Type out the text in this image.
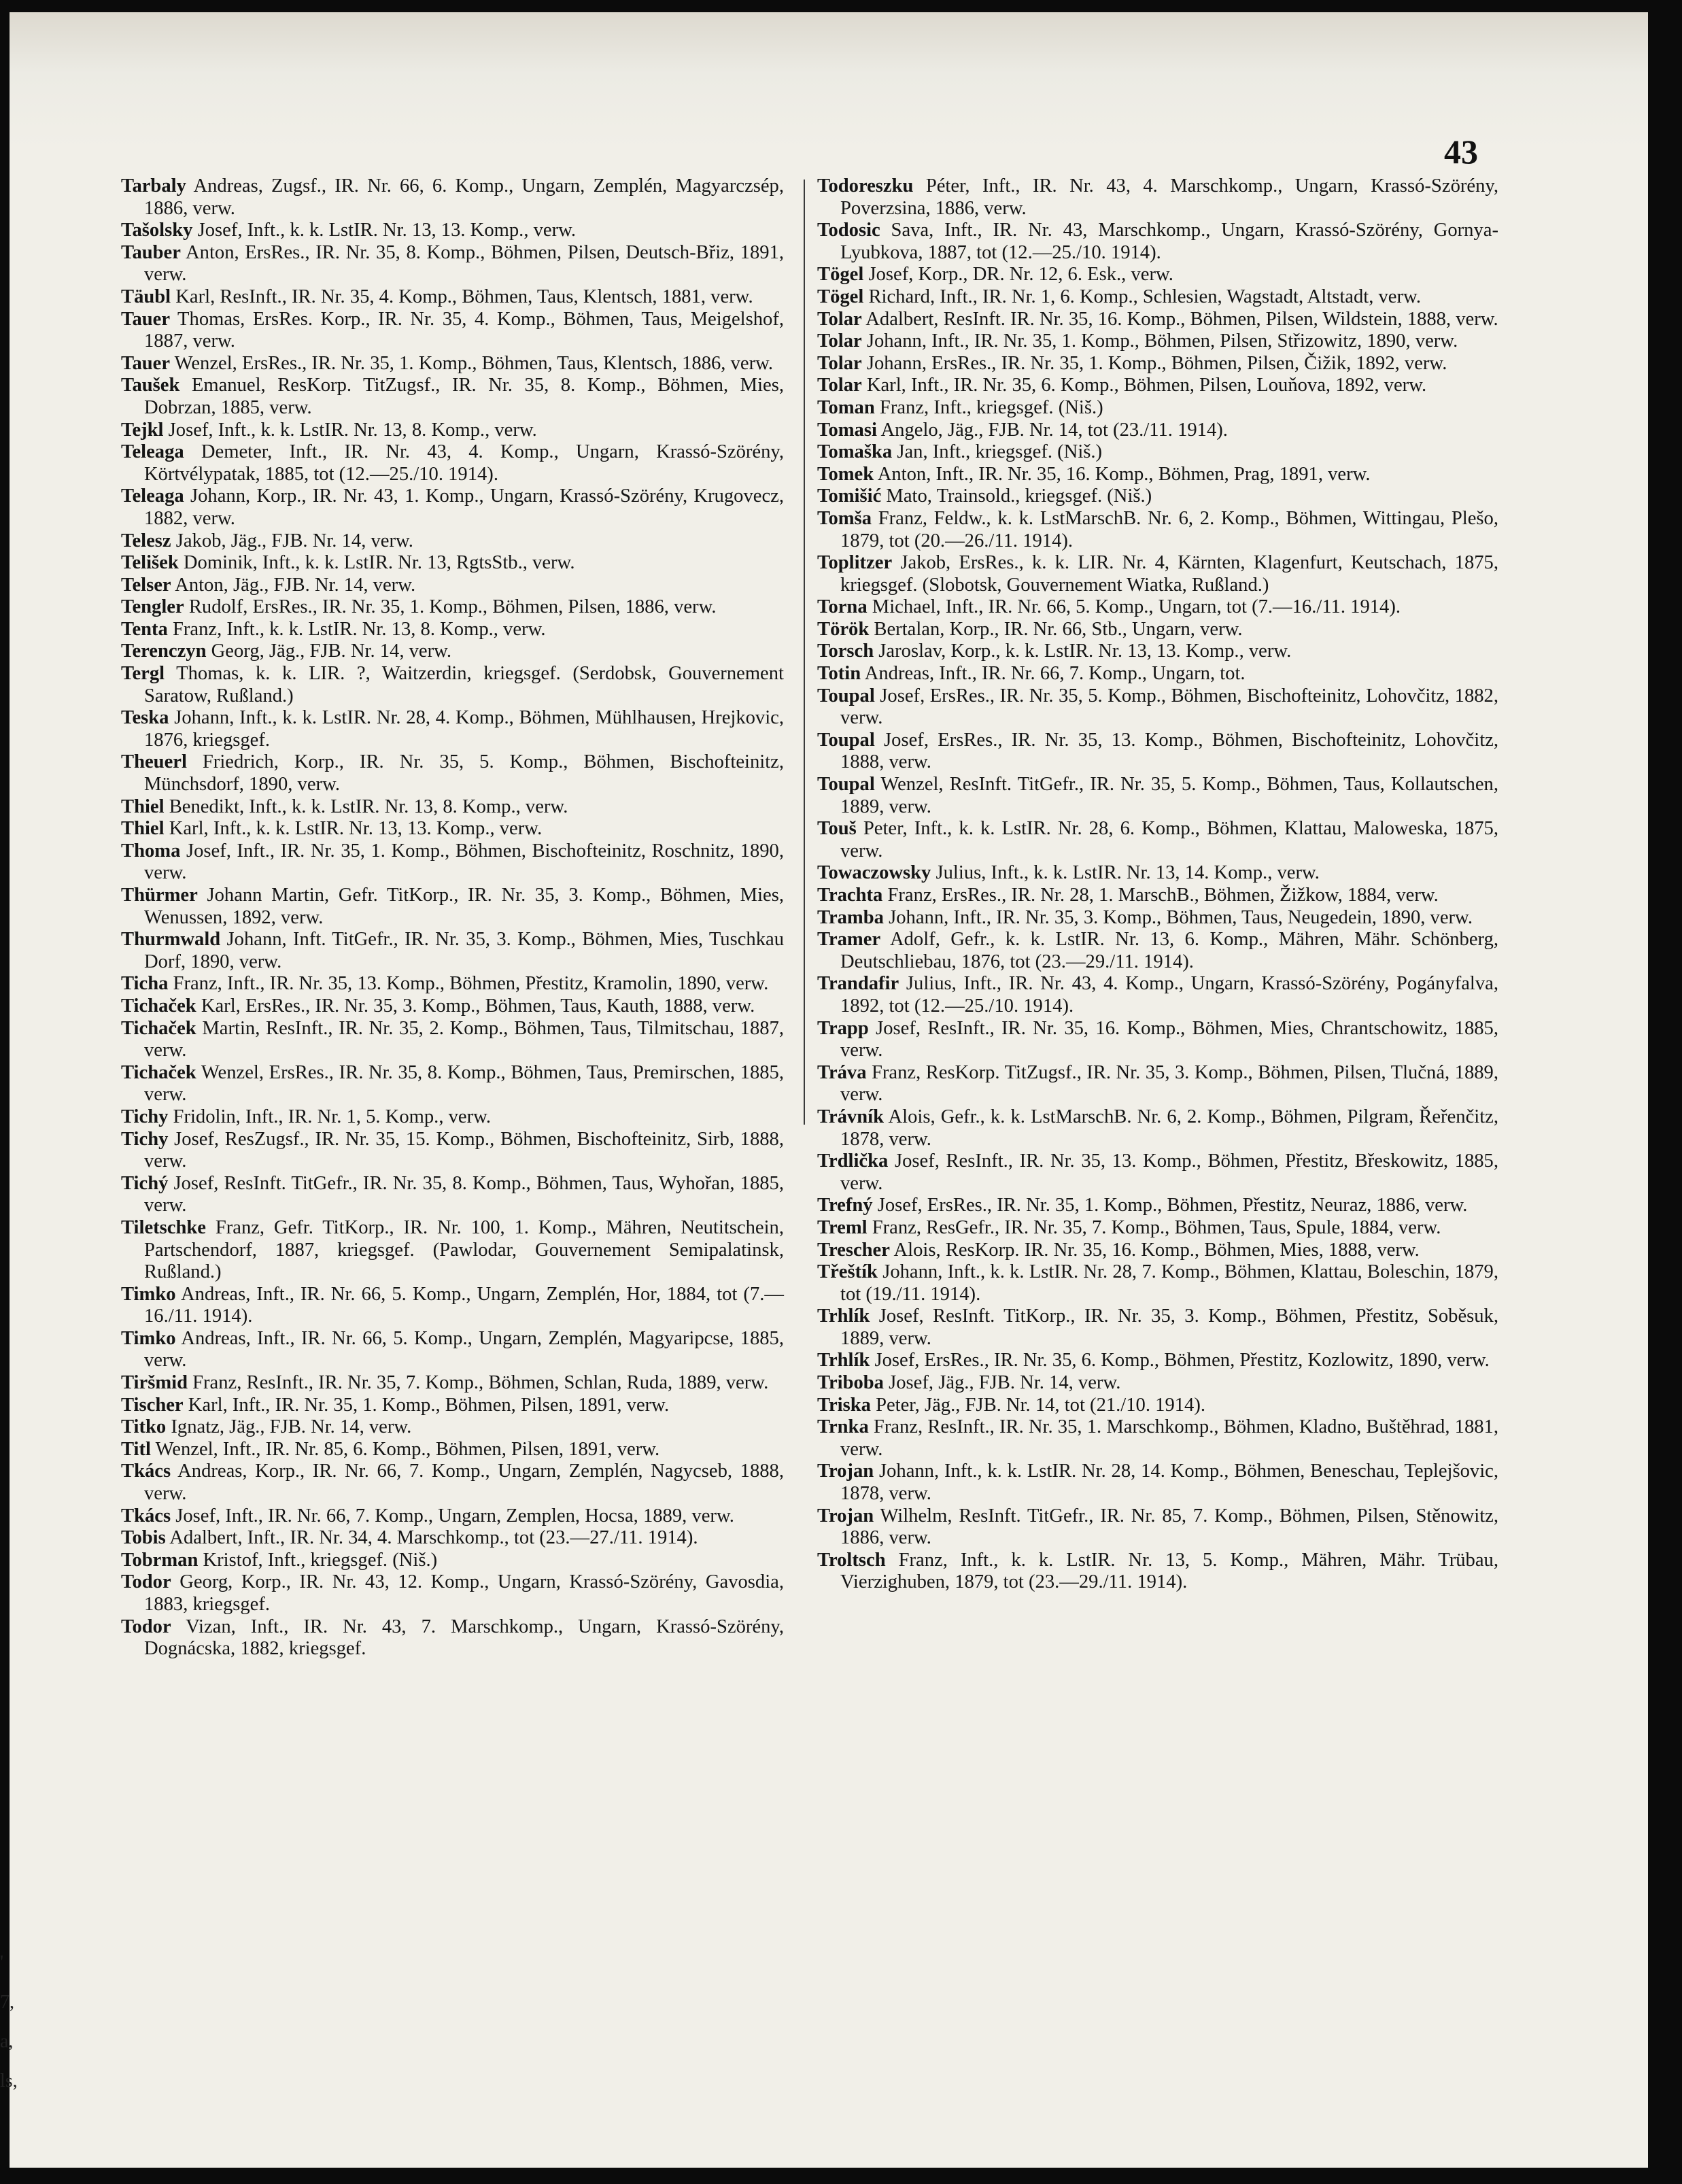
43

Tarbaly Andreas, Zugsf., IR. Nr. 66, 6. Komp., Ungarn, Zemplén, Magyarczsép, 1886, verw.

Tašolsky Josef, Inft., k. k. LstIR. Nr. 13, 13. Komp., verw.

Tauber Anton, ErsRes., IR. Nr. 35, 8. Komp., Böhmen, Pilsen, Deutsch-Břiz, 1891, verw.

Täubl Karl, ResInft., IR. Nr. 35, 4. Komp., Böhmen, Taus, Klentsch, 1881, verw.

Tauer Thomas, ErsRes. Korp., IR. Nr. 35, 4. Komp., Böhmen, Taus, Meigelshof, 1887, verw.

Tauer Wenzel, ErsRes., IR. Nr. 35, 1. Komp., Böhmen, Taus, Klentsch, 1886, verw.

Taušek Emanuel, ResKorp. TitZugsf., IR. Nr. 35, 8. Komp., Böhmen, Mies, Dobrzan, 1885, verw.

Tejkl Josef, Inft., k. k. LstIR. Nr. 13, 8. Komp., verw.

Teleaga Demeter, Inft., IR. Nr. 43, 4. Komp., Ungarn, Krassó-Szörény, Körtvélypatak, 1885, tot (12.—25./10. 1914).

Teleaga Johann, Korp., IR. Nr. 43, 1. Komp., Ungarn, Krassó-Szörény, Krugovecz, 1882, verw.

Telesz Jakob, Jäg., FJB. Nr. 14, verw.

Telišek Dominik, Inft., k. k. LstIR. Nr. 13, RgtsStb., verw.

Telser Anton, Jäg., FJB. Nr. 14, verw.

Tengler Rudolf, ErsRes., IR. Nr. 35, 1. Komp., Böhmen, Pilsen, 1886, verw.

Tenta Franz, Inft., k. k. LstIR. Nr. 13, 8. Komp., verw.

Terenczyn Georg, Jäg., FJB. Nr. 14, verw.

Tergl Thomas, k. k. LIR. ?, Waitzerdin, kriegsgef. (Serdobsk, Gouvernement Saratow, Rußland.)

Teska Johann, Inft., k. k. LstIR. Nr. 28, 4. Komp., Böhmen, Mühlhausen, Hrejkovic, 1876, kriegsgef.

Theuerl Friedrich, Korp., IR. Nr. 35, 5. Komp., Böhmen, Bischofteinitz, Münchsdorf, 1890, verw.

Thiel Benedikt, Inft., k. k. LstIR. Nr. 13, 8. Komp., verw.

Thiel Karl, Inft., k. k. LstIR. Nr. 13, 13. Komp., verw.

Thoma Josef, Inft., IR. Nr. 35, 1. Komp., Böhmen, Bischofteinitz, Roschnitz, 1890, verw.

Thürmer Johann Martin, Gefr. TitKorp., IR. Nr. 35, 3. Komp., Böhmen, Mies, Wenussen, 1892, verw.

Thurmwald Johann, Inft. TitGefr., IR. Nr. 35, 3. Komp., Böhmen, Mies, Tuschkau Dorf, 1890, verw.

Ticha Franz, Inft., IR. Nr. 35, 13. Komp., Böhmen, Přestitz, Kramolin, 1890, verw.

Tichaček Karl, ErsRes., IR. Nr. 35, 3. Komp., Böhmen, Taus, Kauth, 1888, verw.

Tichaček Martin, ResInft., IR. Nr. 35, 2. Komp., Böhmen, Taus, Tilmitschau, 1887, verw.

Tichaček Wenzel, ErsRes., IR. Nr. 35, 8. Komp., Böhmen, Taus, Premirschen, 1885, verw.

Tichy Fridolin, Inft., IR. Nr. 1, 5. Komp., verw.

Tichy Josef, ResZugsf., IR. Nr. 35, 15. Komp., Böhmen, Bischofteinitz, Sirb, 1888, verw.

Tichý Josef, ResInft. TitGefr., IR. Nr. 35, 8. Komp., Böhmen, Taus, Wyhořan, 1885, verw.

Tiletschke Franz, Gefr. TitKorp., IR. Nr. 100, 1. Komp., Mähren, Neutitschein, Partschendorf, 1887, kriegsgef. (Pawlodar, Gouvernement Semipalatinsk, Rußland.)

Timko Andreas, Inft., IR. Nr. 66, 5. Komp., Ungarn, Zemplén, Hor, 1884, tot (7.—16./11. 1914).

Timko Andreas, Inft., IR. Nr. 66, 5. Komp., Ungarn, Zemplén, Magyaripcse, 1885, verw.

Tiršmid Franz, ResInft., IR. Nr. 35, 7. Komp., Böhmen, Schlan, Ruda, 1889, verw.

Tischer Karl, Inft., IR. Nr. 35, 1. Komp., Böhmen, Pilsen, 1891, verw.

Titko Ignatz, Jäg., FJB. Nr. 14, verw.

Titl Wenzel, Inft., IR. Nr. 85, 6. Komp., Böhmen, Pilsen, 1891, verw.

Tkács Andreas, Korp., IR. Nr. 66, 7. Komp., Ungarn, Zemplén, Nagycseb, 1888, verw.

Tkács Josef, Inft., IR. Nr. 66, 7. Komp., Ungarn, Zemplen, Hocsa, 1889, verw.

Tobis Adalbert, Inft., IR. Nr. 34, 4. Marschkomp., tot (23.—27./11. 1914).

Tobrman Kristof, Inft., kriegsgef. (Niš.)

Todor Georg, Korp., IR. Nr. 43, 12. Komp., Ungarn, Krassó-Szörény, Gavosdia, 1883, kriegsgef.

Todor Vizan, Inft., IR. Nr. 43, 7. Marschkomp., Ungarn, Krassó-Szörény, Dognácska, 1882, kriegsgef.

Todoreszku Péter, Inft., IR. Nr. 43, 4. Marschkomp., Ungarn, Krassó-Szörény, Poverzsina, 1886, verw.

Todosic Sava, Inft., IR. Nr. 43, Marschkomp., Ungarn, Krassó-Szörény, Gornya-Lyubkova, 1887, tot (12.—25./10. 1914).

Tögel Josef, Korp., DR. Nr. 12, 6. Esk., verw.

Tögel Richard, Inft., IR. Nr. 1, 6. Komp., Schlesien, Wagstadt, Altstadt, verw.

Tolar Adalbert, ResInft. IR. Nr. 35, 16. Komp., Böhmen, Pilsen, Wildstein, 1888, verw.

Tolar Johann, Inft., IR. Nr. 35, 1. Komp., Böhmen, Pilsen, Střizowitz, 1890, verw.

Tolar Johann, ErsRes., IR. Nr. 35, 1. Komp., Böhmen, Pilsen, Čižik, 1892, verw.

Tolar Karl, Inft., IR. Nr. 35, 6. Komp., Böhmen, Pilsen, Louňova, 1892, verw.

Toman Franz, Inft., kriegsgef. (Niš.)

Tomasi Angelo, Jäg., FJB. Nr. 14, tot (23./11. 1914).

Tomaška Jan, Inft., kriegsgef. (Niš.)

Tomek Anton, Inft., IR. Nr. 35, 16. Komp., Böhmen, Prag, 1891, verw.

Tomišić Mato, Trainsold., kriegsgef. (Niš.)

Tomša Franz, Feldw., k. k. LstMarschB. Nr. 6, 2. Komp., Böhmen, Wittingau, Plešo, 1879, tot (20.—26./11. 1914).

Toplitzer Jakob, ErsRes., k. k. LIR. Nr. 4, Kärnten, Klagenfurt, Keutschach, 1875, kriegsgef. (Slobotsk, Gouvernement Wiatka, Rußland.)

Torna Michael, Inft., IR. Nr. 66, 5. Komp., Ungarn, tot (7.—16./11. 1914).

Török Bertalan, Korp., IR. Nr. 66, Stb., Ungarn, verw.

Torsch Jaroslav, Korp., k. k. LstIR. Nr. 13, 13. Komp., verw.

Totin Andreas, Inft., IR. Nr. 66, 7. Komp., Ungarn, tot.

Toupal Josef, ErsRes., IR. Nr. 35, 5. Komp., Böhmen, Bischofteinitz, Lohovčitz, 1882, verw.

Toupal Josef, ErsRes., IR. Nr. 35, 13. Komp., Böhmen, Bischofteinitz, Lohovčitz, 1888, verw.

Toupal Wenzel, ResInft. TitGefr., IR. Nr. 35, 5. Komp., Böhmen, Taus, Kollautschen, 1889, verw.

Touš Peter, Inft., k. k. LstIR. Nr. 28, 6. Komp., Böhmen, Klattau, Maloweska, 1875, verw.

Towaczowsky Julius, Inft., k. k. LstIR. Nr. 13, 14. Komp., verw.

Trachta Franz, ErsRes., IR. Nr. 28, 1. MarschB., Böhmen, Žižkow, 1884, verw.

Tramba Johann, Inft., IR. Nr. 35, 3. Komp., Böhmen, Taus, Neugedein, 1890, verw.

Tramer Adolf, Gefr., k. k. LstIR. Nr. 13, 6. Komp., Mähren, Mähr. Schönberg, Deutschliebau, 1876, tot (23.—29./11. 1914).

Trandafir Julius, Inft., IR. Nr. 43, 4. Komp., Ungarn, Krassó-Szörény, Pogányfalva, 1892, tot (12.—25./10. 1914).

Trapp Josef, ResInft., IR. Nr. 35, 16. Komp., Böhmen, Mies, Chrantschowitz, 1885, verw.

Tráva Franz, ResKorp. TitZugsf., IR. Nr. 35, 3. Komp., Böhmen, Pilsen, Tlučná, 1889, verw.

Trávník Alois, Gefr., k. k. LstMarschB. Nr. 6, 2. Komp., Böhmen, Pilgram, Řeřenčitz, 1878, verw.

Trdlička Josef, ResInft., IR. Nr. 35, 13. Komp., Böhmen, Přestitz, Břeskowitz, 1885, verw.

Trefný Josef, ErsRes., IR. Nr. 35, 1. Komp., Böhmen, Přestitz, Neuraz, 1886, verw.

Treml Franz, ResGefr., IR. Nr. 35, 7. Komp., Böhmen, Taus, Spule, 1884, verw.

Trescher Alois, ResKorp. IR. Nr. 35, 16. Komp., Böhmen, Mies, 1888, verw.

Třeštík Johann, Inft., k. k. LstIR. Nr. 28, 7. Komp., Böhmen, Klattau, Boleschin, 1879, tot (19./11. 1914).

Trhlík Josef, ResInft. TitKorp., IR. Nr. 35, 3. Komp., Böhmen, Přestitz, Soběsuk, 1889, verw.

Trhlík Josef, ErsRes., IR. Nr. 35, 6. Komp., Böhmen, Přestitz, Kozlowitz, 1890, verw.

Triboba Josef, Jäg., FJB. Nr. 14, verw.

Triska Peter, Jäg., FJB. Nr. 14, tot (21./10. 1914).

Trnka Franz, ResInft., IR. Nr. 35, 1. Marschkomp., Böhmen, Kladno, Buštěhrad, 1881, verw.

Trojan Johann, Inft., k. k. LstIR. Nr. 28, 14. Komp., Böhmen, Beneschau, Teplejšovic, 1878, verw.

Trojan Wilhelm, ResInft. TitGefr., IR. Nr. 85, 7. Komp., Böhmen, Pilsen, Stěnowitz, 1886, verw.

Troltsch Franz, Inft., k. k. LstIR. Nr. 13, 5. Komp., Mähren, Mähr. Trübau, Vierzighuben, 1879, tot (23.—29./11. 1914).

'
7,
a,
ls,
